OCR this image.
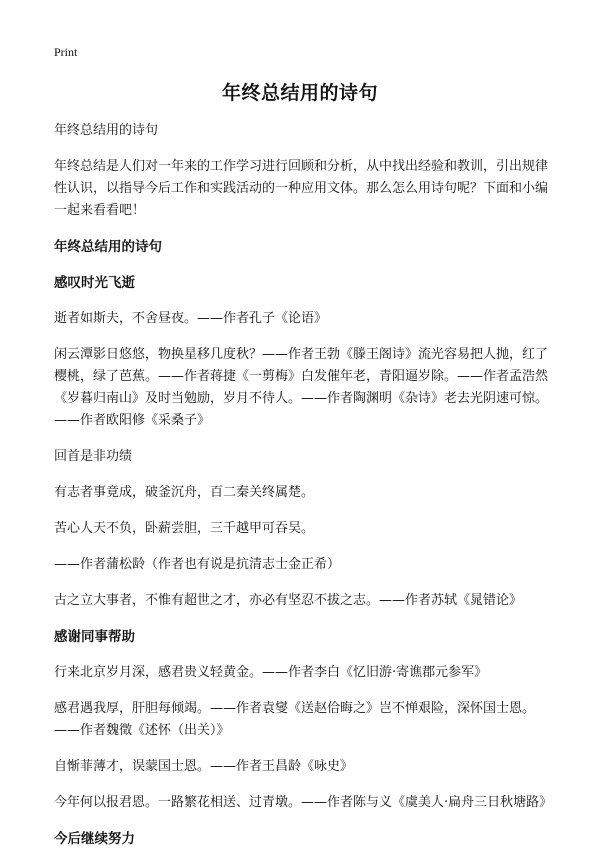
Print
年终总结用的诗句

年终总结用的诗句

年终总结是人们对一年来的工作学习进行回顾和分析，从中找出经验和教训，引出规律性认识，以指导今后工作和实践活动的一种应用文体。那么怎么用诗句呢？下面和小编一起来看看吧！

年终总结用的诗句

感叹时光飞逝

逝者如斯夫，不舍昼夜。——作者孔子《论语》

闲云潭影日悠悠，物换星移几度秋？——作者王勃《滕王阁诗》流光容易把人抛，红了樱桃，绿了芭蕉。——作者蒋捷《一剪梅》白发催年老，青阳逼岁除。——作者孟浩然《岁暮归南山》及时当勉励，岁月不待人。——作者陶渊明《杂诗》老去光阴速可惊。——作者欧阳修《采桑子》

回首是非功绩

有志者事竟成，破釜沉舟，百二秦关终属楚。

苦心人天不负，卧薪尝胆，三千越甲可吞吴。

——作者蒲松龄（作者也有说是抗清志士金正希）

古之立大事者，不惟有超世之才，亦必有坚忍不拔之志。——作者苏轼《晁错论》

感谢同事帮助

行来北京岁月深，感君贵义轻黄金。——作者李白《忆旧游·寄谯郡元参军》

感君遇我厚，肝胆每倾竭。——作者袁燮《送赵佮晦之》岂不惮艰险，深怀国士恩。——作者魏徵《述怀（出关）》

自惭菲薄才，误蒙国士恩。——作者王昌龄《咏史》

今年何以报君恩。一路繁花相送、过青墩。——作者陈与义《虞美人·扁舟三日秋塘路》

今后继续努力
